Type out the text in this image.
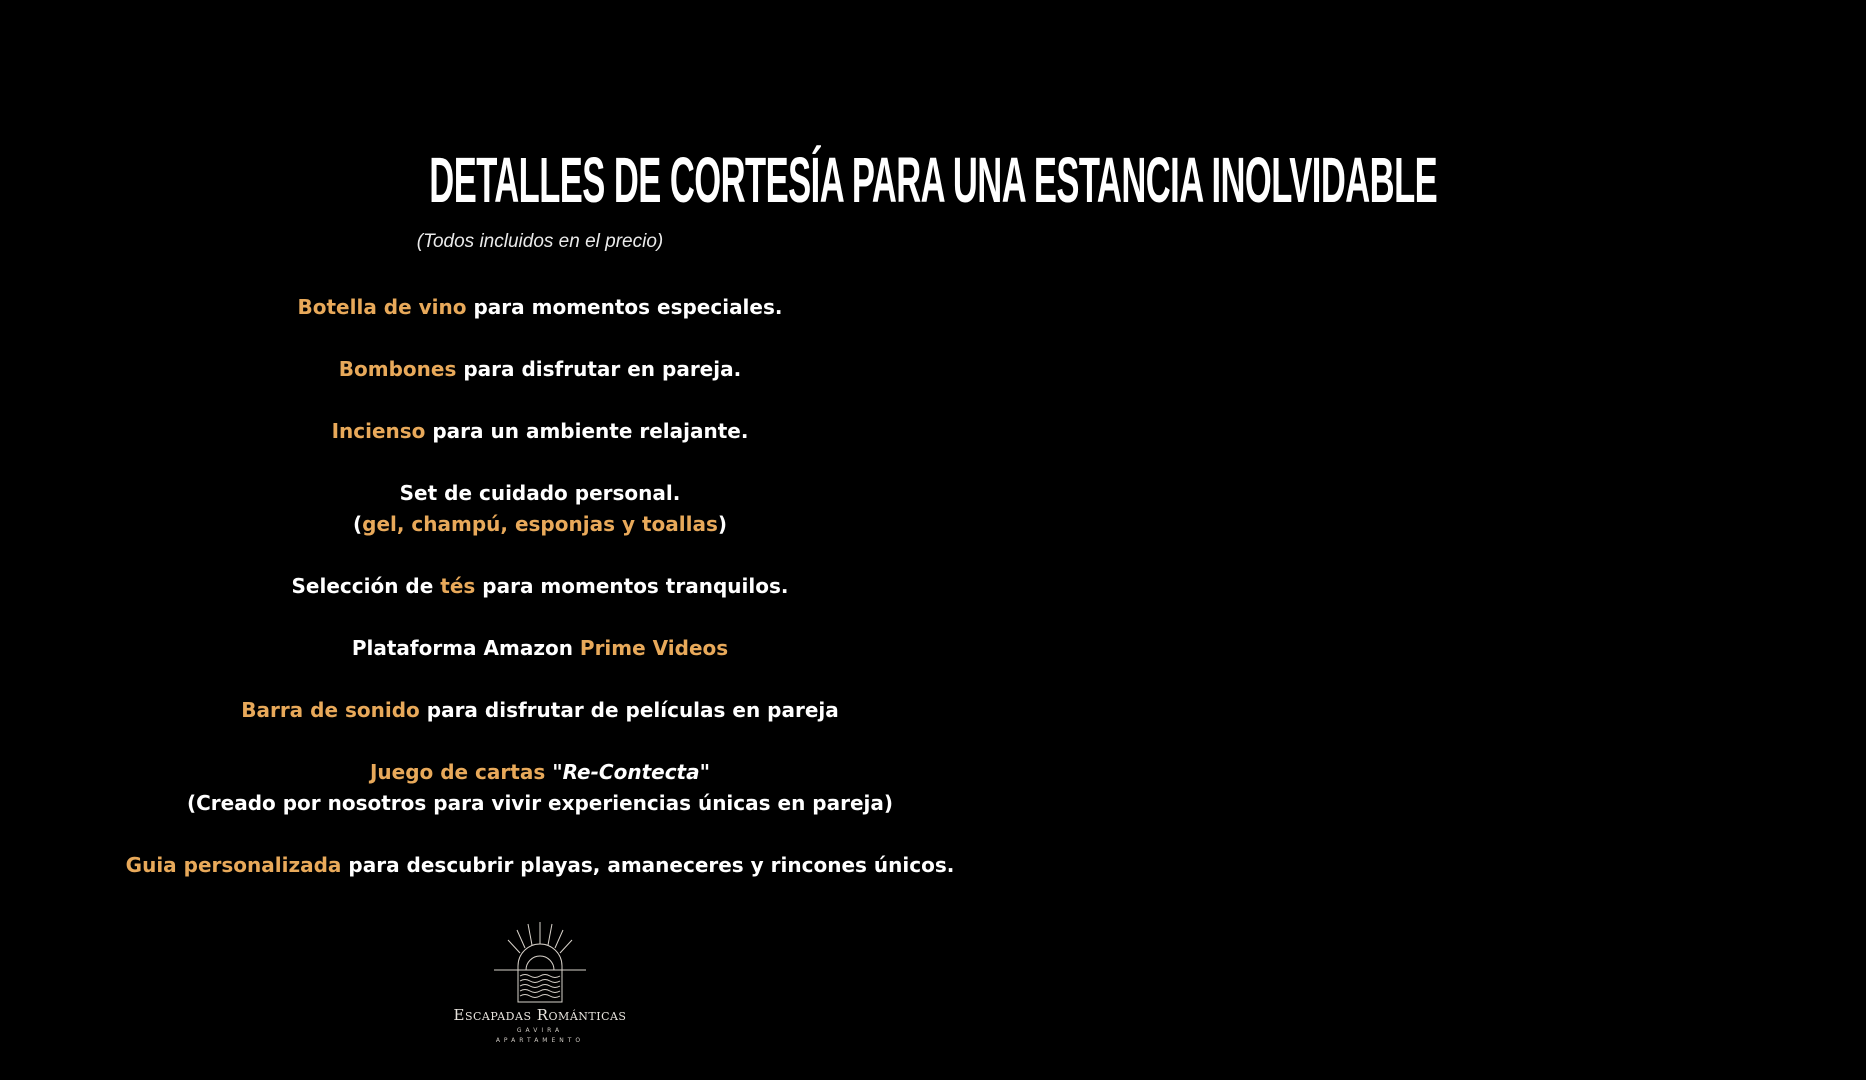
DETALLES DE CORTESÍA PARA UNA ESTANCIA INOLVIDABLE
(Todos incluidos en el precio)
Botella de vino para momentos especiales.
Bombones para disfrutar en pareja.
Incienso para un ambiente relajante.
Set de cuidado personal.
(gel, champú, esponjas y toallas)
Selección de tés para momentos tranquilos.
Plataforma Amazon Prime Videos
Barra de sonido para disfrutar de películas en pareja
Juego de cartas "Re-Contecta"
(Creado por nosotros para vivir experiencias únicas en pareja)
Guia personalizada para descubrir playas, amaneceres y rincones únicos.
Escapadas Románticas
GAVIRA
APARTAMENTO
